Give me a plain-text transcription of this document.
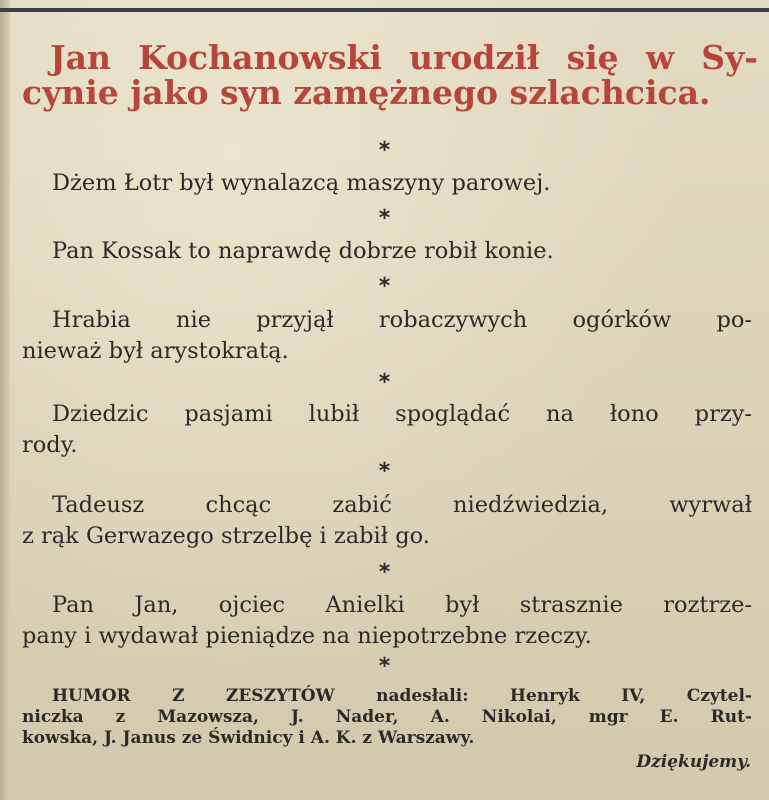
Jan Kochanowski urodził się w Sy-
cynie jako syn zamężnego szlachcica.
*

Dżem Łotr był wynalazcą maszyny parowej.

*

Pan Kossak to naprawdę dobrze robił konie.

*

Hrabia nie przyjął robaczywych ogórków po-
nieważ był arystokratą.

*

Dziedzic pasjami lubił spoglądać na łono przy-
rody.

*

Tadeusz chcąc zabić niedźwiedzia, wyrwał
z rąk Gerwazego strzelbę i zabił go.

*

Pan Jan, ojciec Anielki był strasznie roztrze-
pany i wydawał pieniądze na niepotrzebne rzeczy.

*

HUMOR Z ZESZYTÓW nadesłali: Henryk IV, Czytel-
niczka z Mazowsza, J. Nader, A. Nikolai, mgr E. Rut-
kowska, J. Janus ze Świdnicy i A. K. z Warszawy.

Dziękujemy.
